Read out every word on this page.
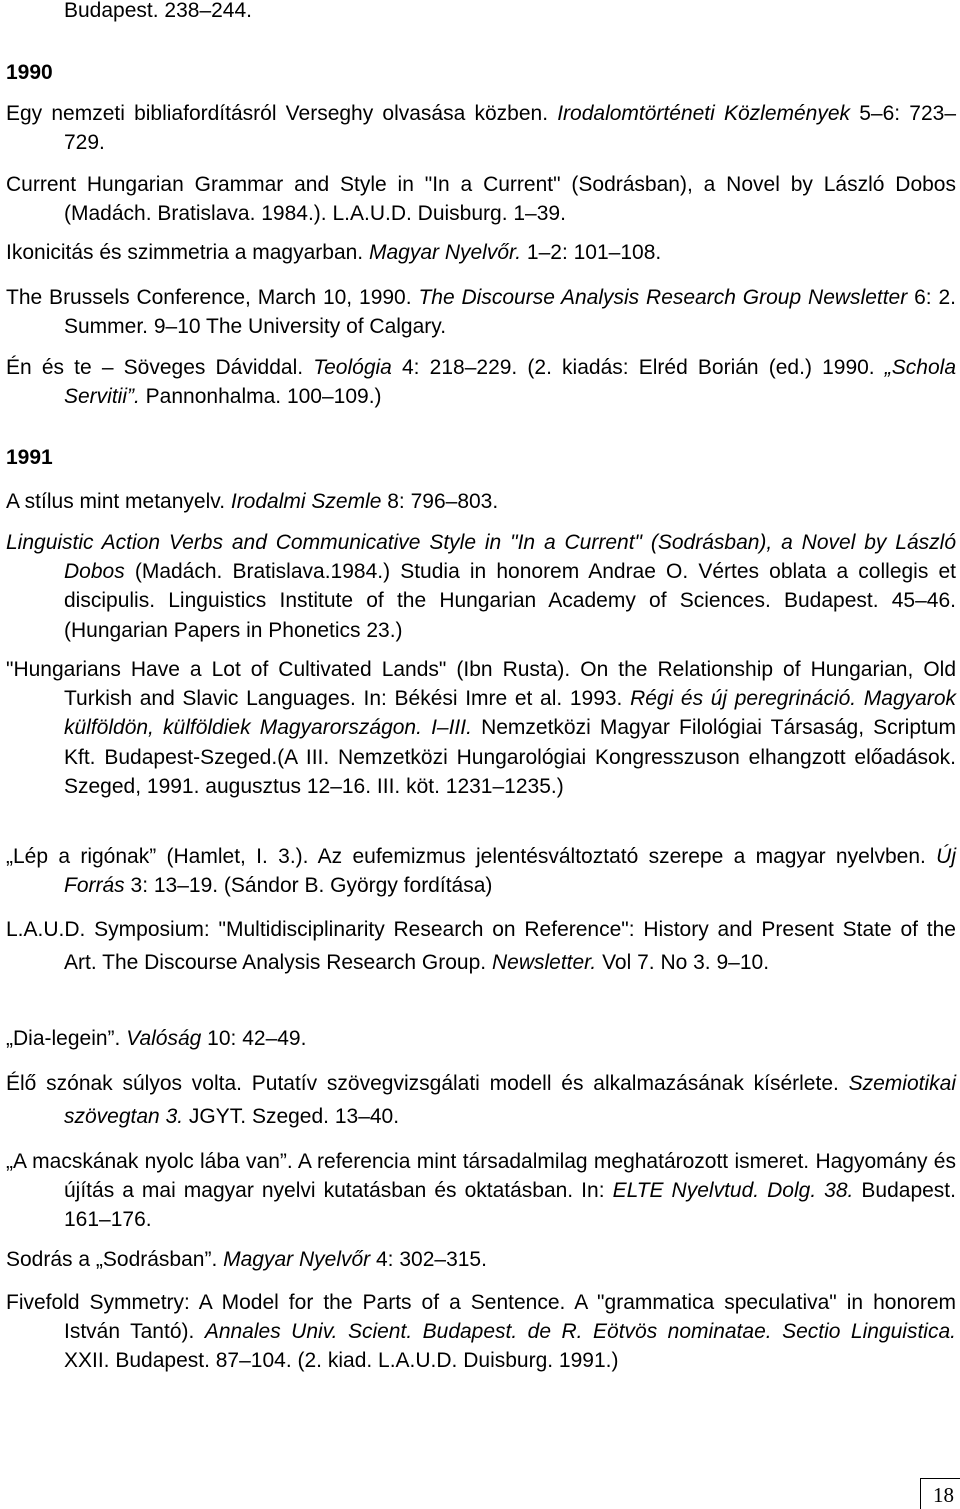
Budapest. 238–244.

1990

Egy nemzeti bibliafordításról Verseghy olvasása közben. Irodalomtörténeti Közlemények 5–6: 723–729.

Current Hungarian Grammar and Style in "In a Current" (Sodrásban), a Novel by László Dobos (Madách. Bratislava. 1984.). L.A.U.D. Duisburg. 1–39.

Ikonicitás és szimmetria a magyarban. Magyar Nyelvőr. 1–2: 101–108.

The Brussels Conference, March 10, 1990. The Discourse Analysis Research Group Newsletter 6: 2. Summer. 9–10 The University of Calgary.

Én és te – Söveges Dáviddal. Teológia 4: 218–229. (2. kiadás: Elréd Borián (ed.) 1990. „Schola Servitii”. Pannonhalma. 100–109.)

1991

A stílus mint metanyelv. Irodalmi Szemle 8: 796–803.

Linguistic Action Verbs and Communicative Style in "In a Current" (Sodrásban), a Novel by László Dobos (Madách. Bratislava.1984.) Studia in honorem Andrae O. Vértes oblata a collegis et discipulis. Linguistics Institute of the Hungarian Academy of Sciences. Budapest. 45–46. (Hungarian Papers in Phonetics 23.)

"Hungarians Have a Lot of Cultivated Lands" (Ibn Rusta). On the Relationship of Hungarian, Old Turkish and Slavic Languages. In: Békési Imre et al. 1993. Régi és új peregrináció. Magyarok külföldön, külföldiek Magyarországon. I–III. Nemzetközi Magyar Filológiai Társaság, Scriptum Kft. Budapest-Szeged.(A III. Nemzetközi Hungarológiai Kongresszuson elhangzott előadások. Szeged, 1991. augusztus 12–16. III. köt. 1231–1235.)

„Lép a rigónak” (Hamlet, I. 3.). Az eufemizmus jelentésváltoztató szerepe a magyar nyelvben. Új Forrás 3: 13–19. (Sándor B. György fordítása)

L.A.U.D. Symposium: "Multidisciplinarity Research on Reference": History and Present State of the Art. The Discourse Analysis Research Group. Newsletter. Vol 7. No 3. 9–10.

„Dia-legein”. Valóság 10: 42–49.

Élő szónak súlyos volta. Putatív szövegvizsgálati modell és alkalmazásának kísérlete. Szemiotikai szövegtan 3. JGYT. Szeged. 13–40.

„A macskának nyolc lába van”. A referencia mint társadalmilag meghatározott ismeret. Hagyomány és újítás a mai magyar nyelvi kutatásban és oktatásban. In: ELTE Nyelvtud. Dolg. 38. Budapest. 161–176.

Sodrás a „Sodrásban”. Magyar Nyelvőr 4: 302–315.

Fivefold Symmetry: A Model for the Parts of a Sentence. A "grammatica speculativa" in honorem István Tantó). Annales Univ. Scient. Budapest. de R. Eötvös nominatae. Sectio Linguistica. XXII. Budapest. 87–104. (2. kiad. L.A.U.D. Duisburg. 1991.)

18
